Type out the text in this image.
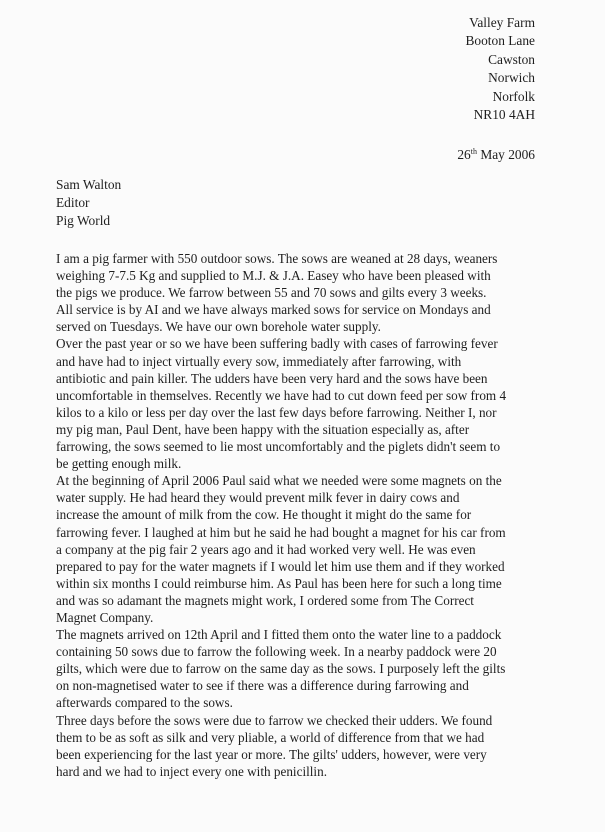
Valley Farm
Booton Lane
Cawston
Norwich
Norfolk
NR10 4AH
26th May 2006
Sam Walton
Editor
Pig World

I am a pig farmer with 550 outdoor sows. The sows are weaned at 28 days, weaners
weighing 7-7.5 Kg and supplied to M.J. & J.A. Easey who have been pleased with
the pigs we produce. We farrow between 55 and 70 sows and gilts every 3 weeks.
All service is by AI and we have always marked sows for service on Mondays and
served on Tuesdays. We have our own borehole water supply.

Over the past year or so we have been suffering badly with cases of farrowing fever
and have had to inject virtually every sow, immediately after farrowing, with
antibiotic and pain killer. The udders have been very hard and the sows have been
uncomfortable in themselves. Recently we have had to cut down feed per sow from 4
kilos to a kilo or less per day over the last few days before farrowing. Neither I, nor
my pig man, Paul Dent, have been happy with the situation especially as, after
farrowing, the sows seemed to lie most uncomfortably and the piglets didn't seem to
be getting enough milk.

At the beginning of April 2006 Paul said what we needed were some magnets on the
water supply. He had heard they would prevent milk fever in dairy cows and
increase the amount of milk from the cow. He thought it might do the same for
farrowing fever. I laughed at him but he said he had bought a magnet for his car from
a company at the pig fair 2 years ago and it had worked very well. He was even
prepared to pay for the water magnets if I would let him use them and if they worked
within six months I could reimburse him. As Paul has been here for such a long time
and was so adamant the magnets might work, I ordered some from The Correct
Magnet Company.

The magnets arrived on 12th April and I fitted them onto the water line to a paddock
containing 50 sows due to farrow the following week. In a nearby paddock were 20
gilts, which were due to farrow on the same day as the sows. I purposely left the gilts
on non-magnetised water to see if there was a difference during farrowing and
afterwards compared to the sows.

Three days before the sows were due to farrow we checked their udders. We found
them to be as soft as silk and very pliable, a world of difference from that we had
been experiencing for the last year or more. The gilts' udders, however, were very
hard and we had to inject every one with penicillin.
